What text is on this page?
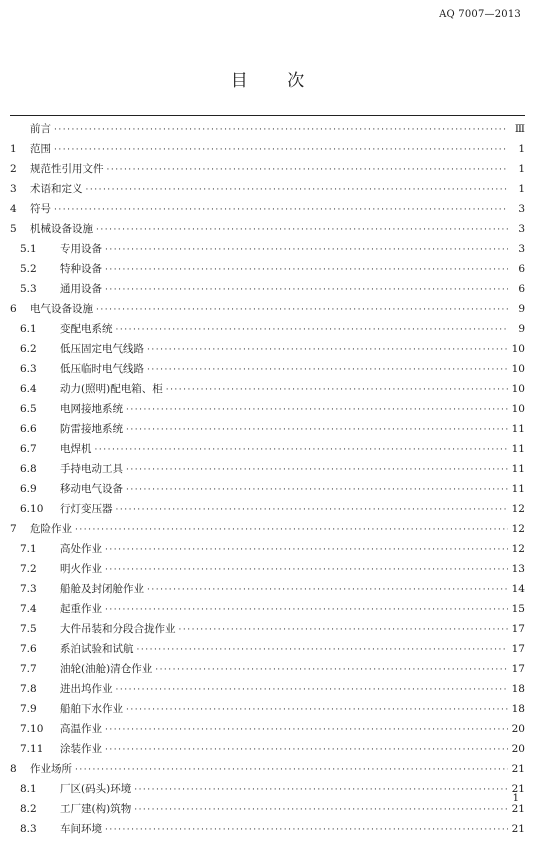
AQ 7007—2013
目 次
前言 ·····	Ⅲ
1	范围 ·····	1
2	规范性引用文件 ·····	1
3	术语和定义 ·····	1
4	符号 ·····	3
5	机械设备设施 ·····	3
5.1	专用设备 ·····	3
5.2	特种设备 ·····	6
5.3	通用设备 ·····	6
6	电气设备设施 ·····	9
6.1	变配电系统 ·····	9
6.2	低压固定电气线路 ·····	10
6.3	低压临时电气线路 ·····	10
6.4	动力(照明)配电箱、柜 ·····	10
6.5	电网接地系统 ·····	10
6.6	防雷接地系统 ·····	11
6.7	电焊机 ·····	11
6.8	手持电动工具 ·····	11
6.9	移动电气设备 ·····	11
6.10	行灯变压器 ·····	12
7	危险作业 ·····	12
7.1	高处作业 ·····	12
7.2	明火作业 ·····	13
7.3	船舱及封闭舱作业 ·····	14
7.4	起重作业 ·····	15
7.5	大件吊装和分段合拢作业 ·····	17
7.6	系泊试验和试航 ·····	17
7.7	油轮(油舱)清仓作业 ·····	17
7.8	进出坞作业 ·····	18
7.9	船舶下水作业 ·····	18
7.10	高温作业 ·····	20
7.11	涂装作业 ·····	20
8	作业场所 ·····	21
8.1	厂区(码头)环境 ·····	21
8.2	工厂建(构)筑物 ·····	21
8.3	车间环境 ·····	21
1
